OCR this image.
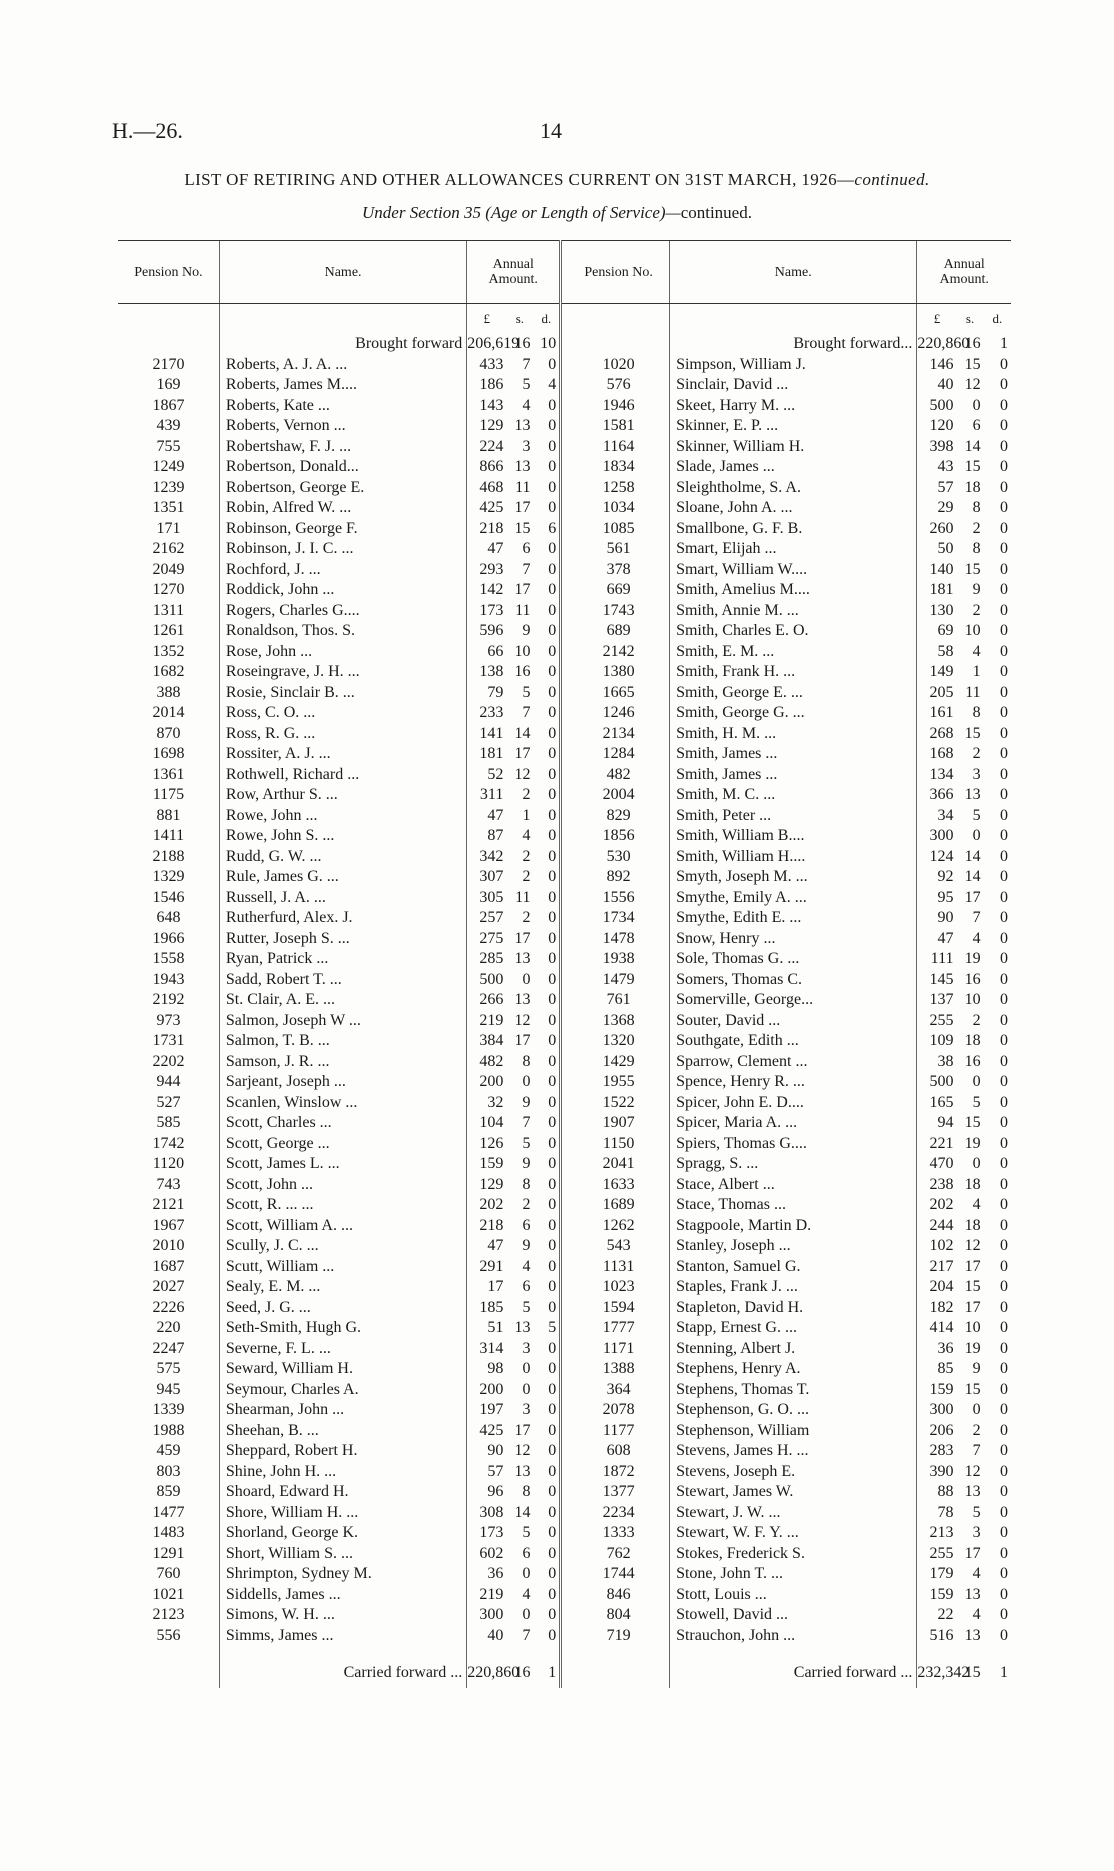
H.—26.	14
LIST OF RETIRING AND OTHER ALLOWANCES CURRENT ON 31ST MARCH, 1926—continued.
Under Section 35 (Age or Length of Service)—continued.
Pension No.	Name.	Annual Amount.				Pension No.	Name.	Annual Amount.		
		£	s.	d.				£	s.	d.
	Brought forward	206,619	16	10			Brought forward...	220,860	16	1
2170	Roberts, A. J. A. ...	433	7	0		1020	Simpson, William J.	146	15	0
169	Roberts, James M....	186	5	4		576	Sinclair, David ...	40	12	0
1867	Roberts, Kate ...	143	4	0		1946	Skeet, Harry M. ...	500	0	0
439	Roberts, Vernon ...	129	13	0		1581	Skinner, E. P. ...	120	6	0
755	Robertshaw, F. J. ...	224	3	0		1164	Skinner, William H.	398	14	0
1249	Robertson, Donald...	866	13	0		1834	Slade, James ...	43	15	0
1239	Robertson, George E.	468	11	0		1258	Sleightholme, S. A.	57	18	0
1351	Robin, Alfred W. ...	425	17	0		1034	Sloane, John A. ...	29	8	0
171	Robinson, George F.	218	15	6		1085	Smallbone, G. F. B.	260	2	0
2162	Robinson, J. I. C. ...	47	6	0		561	Smart, Elijah ...	50	8	0
2049	Rochford, J. ...	293	7	0		378	Smart, William W....	140	15	0
1270	Roddick, John ...	142	17	0		669	Smith, Amelius M....	181	9	0
1311	Rogers, Charles G....	173	11	0		1743	Smith, Annie M. ...	130	2	0
1261	Ronaldson, Thos. S.	596	9	0		689	Smith, Charles E. O.	69	10	0
1352	Rose, John ...	66	10	0		2142	Smith, E. M. ...	58	4	0
1682	Roseingrave, J. H. ...	138	16	0		1380	Smith, Frank H. ...	149	1	0
388	Rosie, Sinclair B. ...	79	5	0		1665	Smith, George E. ...	205	11	0
2014	Ross, C. O. ...	233	7	0		1246	Smith, George G. ...	161	8	0
870	Ross, R. G. ...	141	14	0		2134	Smith, H. M. ...	268	15	0
1698	Rossiter, A. J. ...	181	17	0		1284	Smith, James ...	168	2	0
1361	Rothwell, Richard ...	52	12	0		482	Smith, James ...	134	3	0
1175	Row, Arthur S. ...	311	2	0		2004	Smith, M. C. ...	366	13	0
881	Rowe, John ...	47	1	0		829	Smith, Peter ...	34	5	0
1411	Rowe, John S. ...	87	4	0		1856	Smith, William B....	300	0	0
2188	Rudd, G. W. ...	342	2	0		530	Smith, William H....	124	14	0
1329	Rule, James G. ...	307	2	0		892	Smyth, Joseph M. ...	92	14	0
1546	Russell, J. A. ...	305	11	0		1556	Smythe, Emily A. ...	95	17	0
648	Rutherfurd, Alex. J.	257	2	0		1734	Smythe, Edith E. ...	90	7	0
1966	Rutter, Joseph S. ...	275	17	0		1478	Snow, Henry ...	47	4	0
1558	Ryan, Patrick ...	285	13	0		1938	Sole, Thomas G. ...	111	19	0
1943	Sadd, Robert T. ...	500	0	0		1479	Somers, Thomas C.	145	16	0
2192	St. Clair, A. E. ...	266	13	0		761	Somerville, George...	137	10	0
973	Salmon, Joseph W ...	219	12	0		1368	Souter, David ...	255	2	0
1731	Salmon, T. B. ...	384	17	0		1320	Southgate, Edith ...	109	18	0
2202	Samson, J. R. ...	482	8	0		1429	Sparrow, Clement ...	38	16	0
944	Sarjeant, Joseph ...	200	0	0		1955	Spence, Henry R. ...	500	0	0
527	Scanlen, Winslow ...	32	9	0		1522	Spicer, John E. D....	165	5	0
585	Scott, Charles ...	104	7	0		1907	Spicer, Maria A. ...	94	15	0
1742	Scott, George ...	126	5	0		1150	Spiers, Thomas G....	221	19	0
1120	Scott, James L. ...	159	9	0		2041	Spragg, S. ...	470	0	0
743	Scott, John ...	129	8	0		1633	Stace, Albert ...	238	18	0
2121	Scott, R. ... ...	202	2	0		1689	Stace, Thomas ...	202	4	0
1967	Scott, William A. ...	218	6	0		1262	Stagpoole, Martin D.	244	18	0
2010	Scully, J. C. ...	47	9	0		543	Stanley, Joseph ...	102	12	0
1687	Scutt, William ...	291	4	0		1131	Stanton, Samuel G.	217	17	0
2027	Sealy, E. M. ...	17	6	0		1023	Staples, Frank J. ...	204	15	0
2226	Seed, J. G. ...	185	5	0		1594	Stapleton, David H.	182	17	0
220	Seth-Smith, Hugh G.	51	13	5		1777	Stapp, Ernest G. ...	414	10	0
2247	Severne, F. L. ...	314	3	0		1171	Stenning, Albert J.	36	19	0
575	Seward, William H.	98	0	0		1388	Stephens, Henry A.	85	9	0
945	Seymour, Charles A.	200	0	0		364	Stephens, Thomas T.	159	15	0
1339	Shearman, John ...	197	3	0		2078	Stephenson, G. O. ...	300	0	0
1988	Sheehan, B. ...	425	17	0		1177	Stephenson, William	206	2	0
459	Sheppard, Robert H.	90	12	0		608	Stevens, James H. ...	283	7	0
803	Shine, John H. ...	57	13	0		1872	Stevens, Joseph E.	390	12	0
859	Shoard, Edward H.	96	8	0		1377	Stewart, James W.	88	13	0
1477	Shore, William H. ...	308	14	0		2234	Stewart, J. W. ...	78	5	0
1483	Shorland, George K.	173	5	0		1333	Stewart, W. F. Y. ...	213	3	0
1291	Short, William S. ...	602	6	0		762	Stokes, Frederick S.	255	17	0
760	Shrimpton, Sydney M.	36	0	0		1744	Stone, John T. ...	179	4	0
1021	Siddells, James ...	219	4	0		846	Stott, Louis ...	159	13	0
2123	Simons, W. H. ...	300	0	0		804	Stowell, David ...	22	4	0
556	Simms, James ...	40	7	0		719	Strauchon, John ...	516	13	0

	Carried forward ...	220,860	16	1			Carried forward ...	232,342	15	1
